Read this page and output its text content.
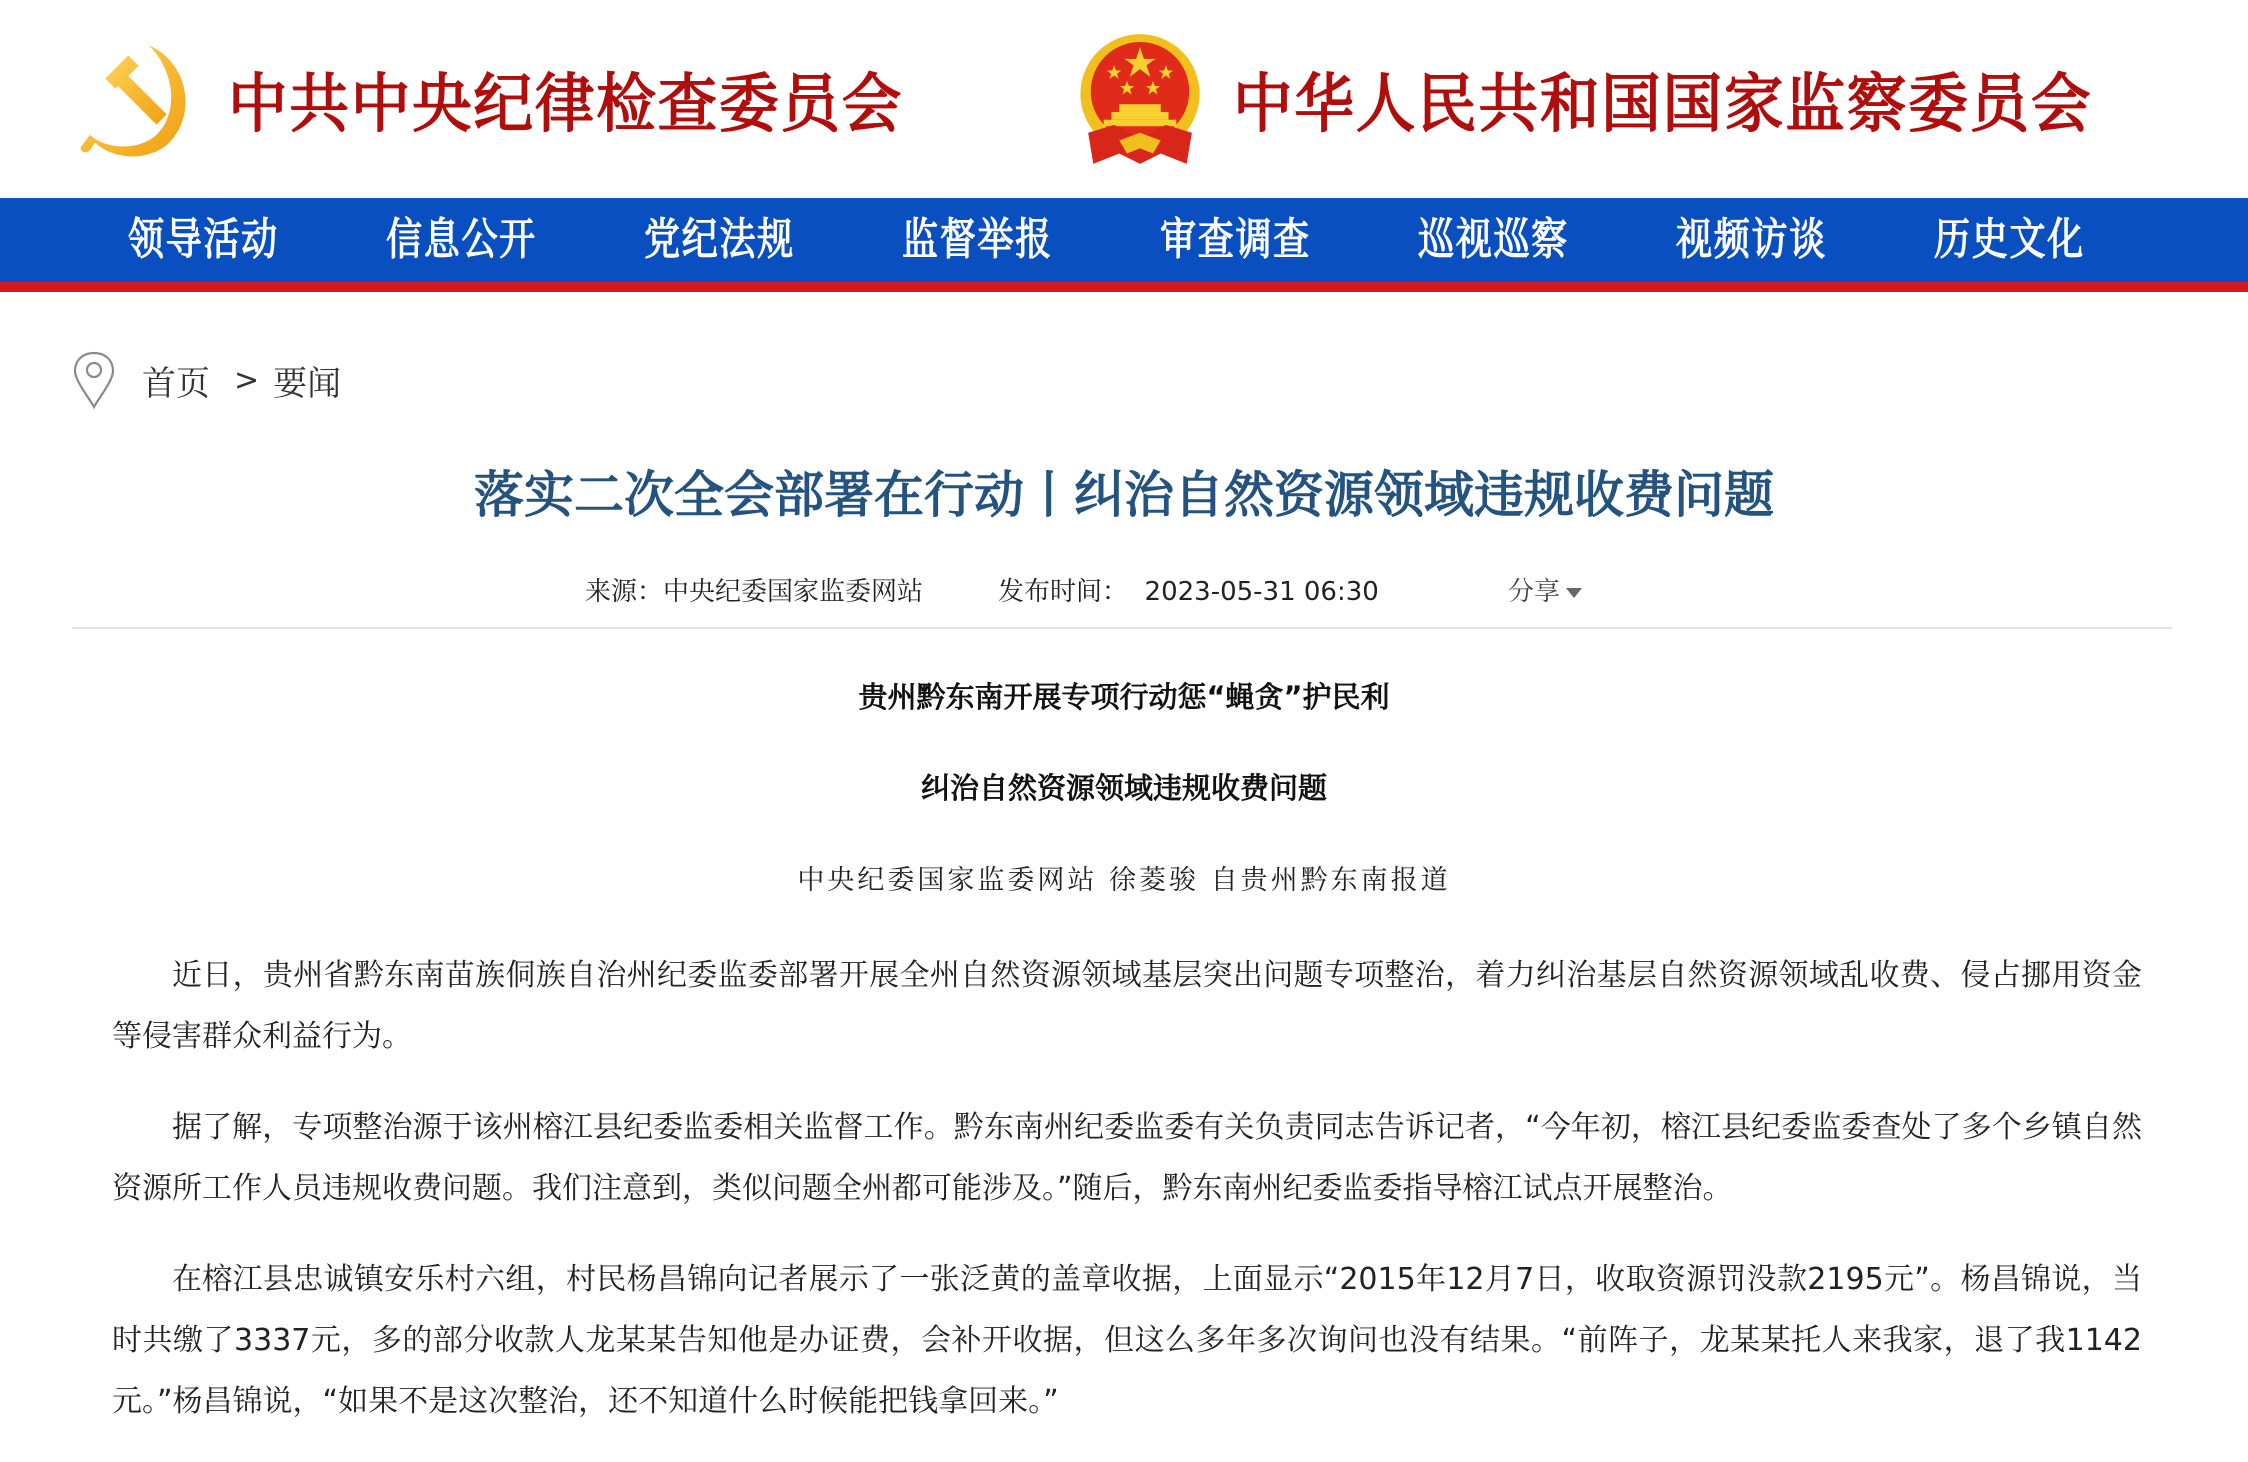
中共中央纪律检查委员会	中华人民共和国国家监察委员会
领导活动 信息公开 党纪法规 监督举报 审查调查 巡视巡察 视频访谈 历史文化
首页 > 要闻
落实二次全会部署在行动丨纠治自然资源领域违规收费问题
来源：中央纪委国家监委网站	发布时间：  2023-05-31 06:30	分享
贵州黔东南开展专项行动惩“蝇贪”护民利
纠治自然资源领域违规收费问题
中央纪委国家监委网站 徐菱骏 自贵州黔东南报道

近日，贵州省黔东南苗族侗族自治州纪委监委部署开展全州自然资源领域基层突出问题专项整治，着力纠治基层自然资源领域乱收费、侵占挪用资金等侵害群众利益行为。

据了解，专项整治源于该州榕江县纪委监委相关监督工作。黔东南州纪委监委有关负责同志告诉记者，“今年初，榕江县纪委监委查处了多个乡镇自然资源所工作人员违规收费问题。我们注意到，类似问题全州都可能涉及。”随后，黔东南州纪委监委指导榕江试点开展整治。

在榕江县忠诚镇安乐村六组，村民杨昌锦向记者展示了一张泛黄的盖章收据，上面显示“2015年12月7日，收取资源罚没款2195元”。杨昌锦说，当时共缴了3337元，多的部分收款人龙某某告知他是办证费，会补开收据，但这么多年多次询问也没有结果。“前阵子，龙某某托人来我家，退了我1142元。”杨昌锦说，“如果不是这次整治，还不知道什么时候能把钱拿回来。”
